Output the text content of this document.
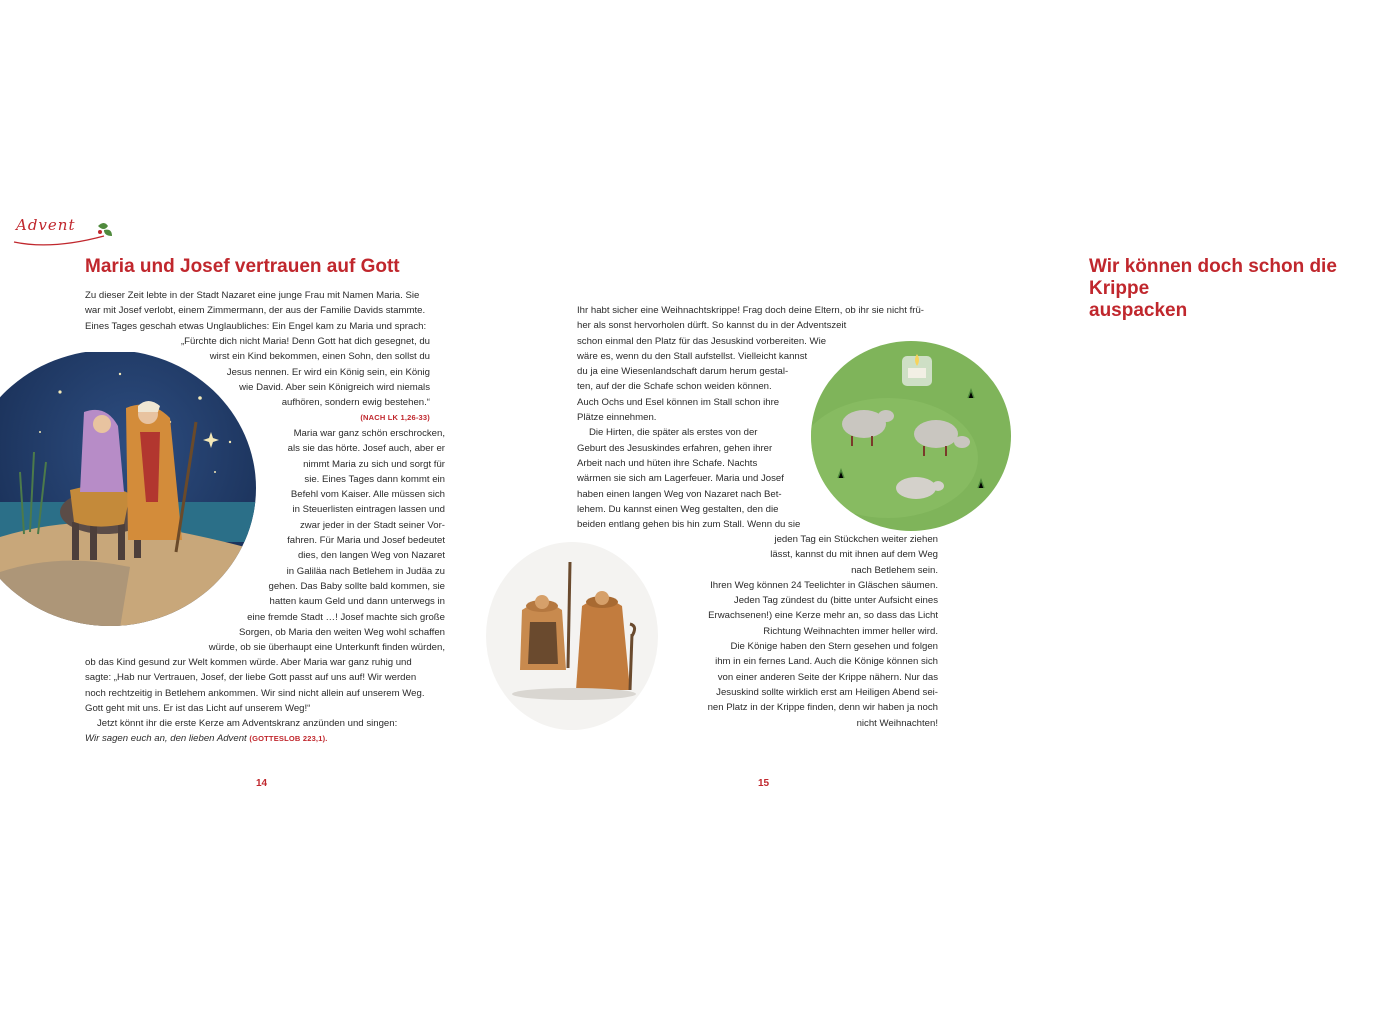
Advent
Maria und Josef vertrauen auf Gott
Zu dieser Zeit lebte in der Stadt Nazaret eine junge Frau mit Namen Maria. Sie
war mit Josef verlobt, einem Zimmermann, der aus der Familie Davids stammte.
Eines Tages geschah etwas Unglaubliches: Ein Engel kam zu Maria und sprach:
„Fürchte dich nicht Maria! Denn Gott hat dich gesegnet, du
wirst ein Kind bekommen, einen Sohn, den sollst du
Jesus nennen. Er wird ein König sein, ein König
wie David. Aber sein Königreich wird niemals
aufhören, sondern ewig bestehen.“
(NACH LK 1,26-33)
Maria war ganz schön erschrocken,
als sie das hörte. Josef auch, aber er
nimmt Maria zu sich und sorgt für
sie. Eines Tages dann kommt ein
Befehl vom Kaiser. Alle müssen sich
in Steuerlisten eintragen lassen und
zwar jeder in der Stadt seiner Vor-
fahren. Für Maria und Josef bedeutet
dies, den langen Weg von Nazaret
in Galiläa nach Betlehem in Judäa zu
gehen. Das Baby sollte bald kommen, sie
hatten kaum Geld und dann unterwegs in
eine fremde Stadt …! Josef machte sich große
Sorgen, ob Maria den weiten Weg wohl schaffen
würde, ob sie überhaupt eine Unterkunft finden würden,
ob das Kind gesund zur Welt kommen würde. Aber Maria war ganz ruhig und
sagte: „Hab nur Vertrauen, Josef, der liebe Gott passt auf uns auf! Wir werden
noch rechtzeitig in Betlehem ankommen. Wir sind nicht allein auf unserem Weg.
Gott geht mit uns. Er ist das Licht auf unserem Weg!“
Jetzt könnt ihr die erste Kerze am Adventskranz anzünden und singen:
Wir sagen euch an, den lieben Advent (GOTTESLOB 223,1).
14
Wir können doch schon die Krippe
auspacken
Ihr habt sicher eine Weihnachtskrippe! Frag doch deine Eltern, ob ihr sie nicht frü-
her als sonst hervorholen dürft. So kannst du in der Adventszeit
schon einmal den Platz für das Jesuskind vorbereiten. Wie
wäre es, wenn du den Stall aufstellst. Vielleicht kannst
du ja eine Wiesenlandschaft darum herum gestal-
ten, auf der die Schafe schon weiden können.
Auch Ochs und Esel können im Stall schon ihre
Plätze einnehmen.
Die Hirten, die später als erstes von der
Geburt des Jesuskindes erfahren, gehen ihrer
Arbeit nach und hüten ihre Schafe. Nachts
wärmen sie sich am Lagerfeuer. Maria und Josef
haben einen langen Weg von Nazaret nach Bet-
lehem. Du kannst einen Weg gestalten, den die
beiden entlang gehen bis hin zum Stall. Wenn du sie
jeden Tag ein Stückchen weiter ziehen
lässt, kannst du mit ihnen auf dem Weg
nach Betlehem sein.
Ihren Weg können 24 Teelichter in Gläschen säumen.
Jeden Tag zündest du (bitte unter Aufsicht eines
Erwachsenen!) eine Kerze mehr an, so dass das Licht
Richtung Weihnachten immer heller wird.
Die Könige haben den Stern gesehen und folgen
ihm in ein fernes Land. Auch die Könige können sich
von einer anderen Seite der Krippe nähern. Nur das
Jesuskind sollte wirklich erst am Heiligen Abend sei-
nen Platz in der Krippe finden, denn wir haben ja noch
nicht Weihnachten!
15
